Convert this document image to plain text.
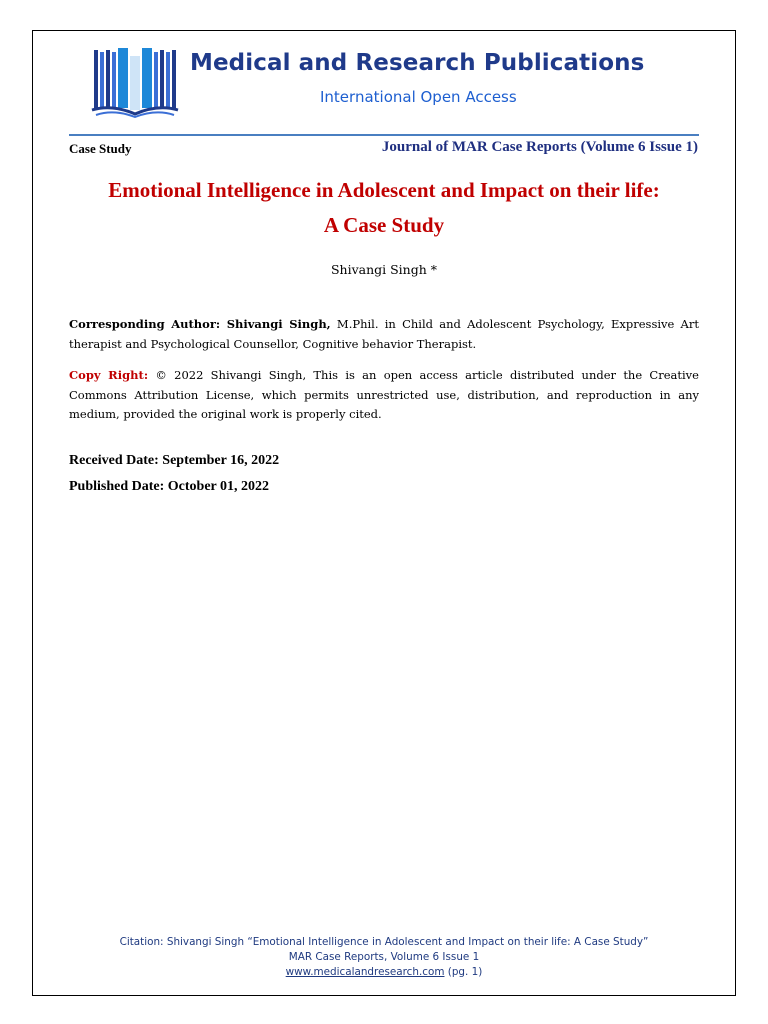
Medical and Research Publications
International Open Access
Case Study	Journal of MAR Case Reports (Volume 6 Issue 1)
Emotional Intelligence in Adolescent and Impact on their life:
A Case Study
Shivangi Singh *
Corresponding Author: Shivangi Singh, M.Phil. in Child and Adolescent Psychology, Expressive Art therapist and Psychological Counsellor, Cognitive behavior Therapist.
Copy Right: © 2022 Shivangi Singh, This is an open access article distributed under the Creative Commons Attribution License, which permits unrestricted use, distribution, and reproduction in any medium, provided the original work is properly cited.
Received Date: September 16, 2022
Published Date: October 01, 2022
Citation: Shivangi Singh “Emotional Intelligence in Adolescent and Impact on their life: A Case Study”
MAR Case Reports, Volume 6 Issue 1
www.medicalandresearch.com (pg. 1)
